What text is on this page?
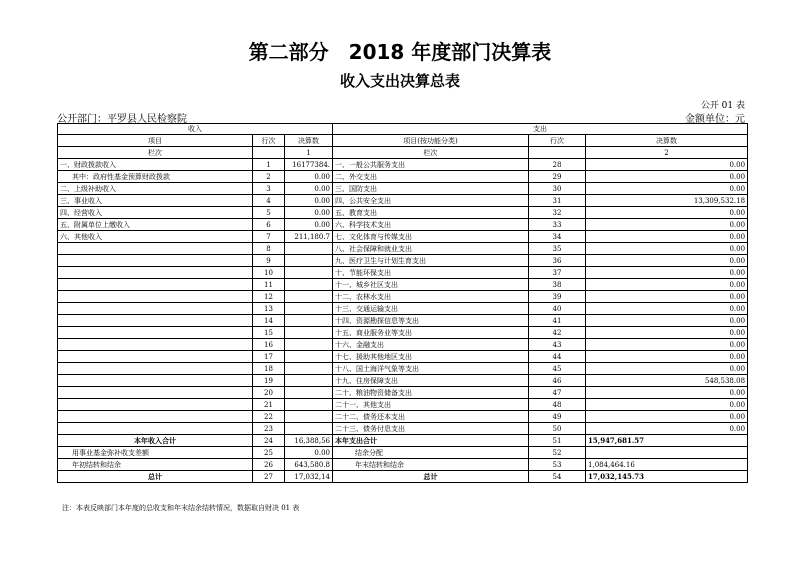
第二部分　2018 年度部门决算表
收入支出决算总表
公开 01 表
公开部门：平罗县人民检察院	金额单位：元
收入			支出		
项目	行次	决算数	项目(按功能分类)	行次	决算数
栏次		1	栏次		2
一、财政拨款收入	1	16177384.	一、一般公共服务支出	28	0.00
其中：政府性基金预算财政拨款	2	0.00	二、外交支出	29	0.00
二、上级补助收入	3	0.00	三、国防支出	30	0.00
三、事业收入	4	0.00	四、公共安全支出	31	13,309,532.18
四、经营收入	5	0.00	五、教育支出	32	0.00
五、附属单位上缴收入	6	0.00	六、科学技术支出	33	0.00
六、其他收入	7	211,180.7	七、文化体育与传媒支出	34	0.00
	8		八、社会保障和就业支出	35	0.00
	9		九、医疗卫生与计划生育支出	36	0.00
	10		十、节能环保支出	37	0.00
	11		十一、城乡社区支出	38	0.00
	12		十二、农林水支出	39	0.00
	13		十三、交通运输支出	40	0.00
	14		十四、资源勘探信息等支出	41	0.00
	15		十五、商业服务业等支出	42	0.00
	16		十六、金融支出	43	0.00
	17		十七、援助其他地区支出	44	0.00
	18		十八、国土海洋气象等支出	45	0.00
	19		十九、住房保障支出	46	548,538.08
	20		二十、粮油物资储备支出	47	0.00
	21		二十一、其他支出	48	0.00
	22		二十二、债务还本支出	49	0.00
	23		二十三、债务付息支出	50	0.00
本年收入合计	24	16,388,56	本年支出合计	51	15,947,681.57
用事业基金弥补收支差额	25	0.00	结余分配	52	
年初结转和结余	26	643,580.8	年末结转和结余	53	1,084,464.16
总计	27	17,032,14	总计	54	17,032,145.73
注：本表反映部门本年度的总收支和年末结余结转情况，数据取自财决 01 表
